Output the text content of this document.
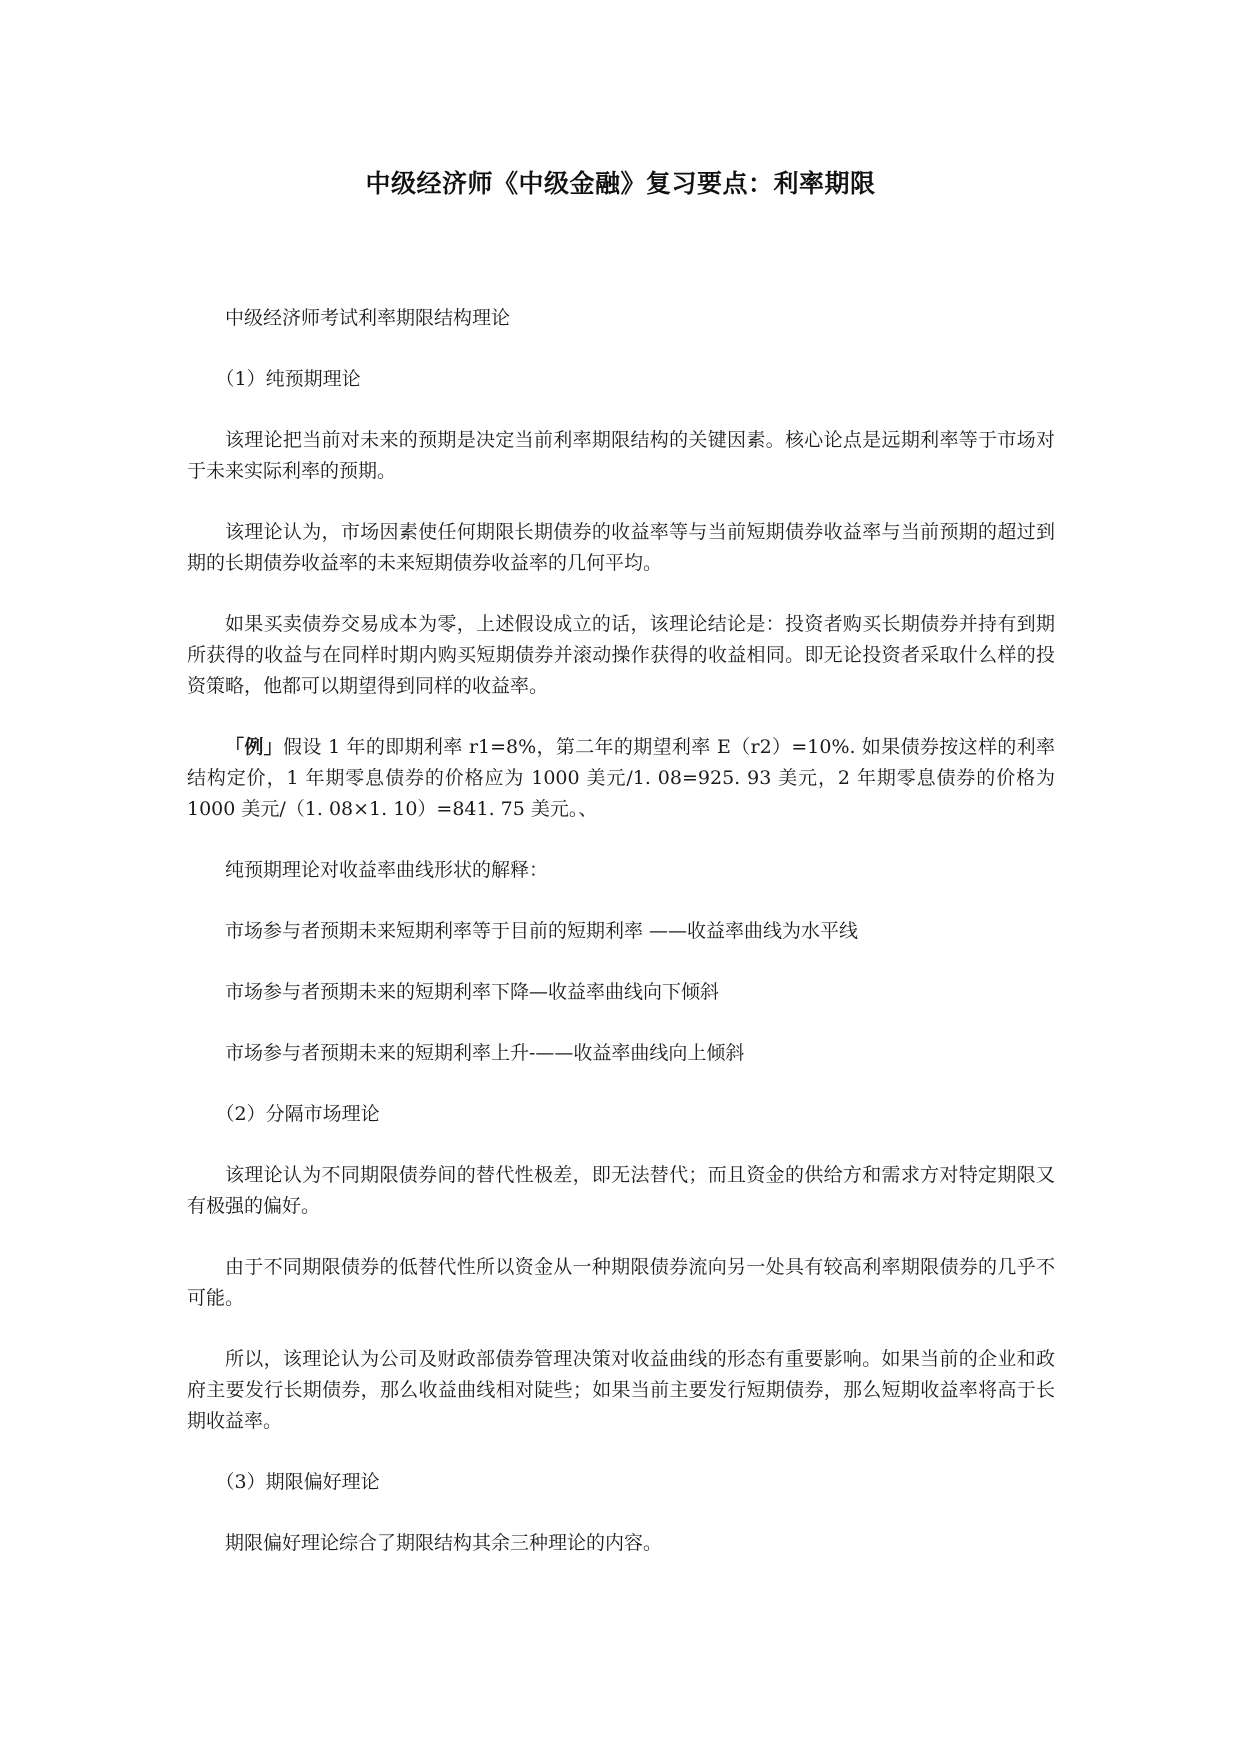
中级经济师《中级金融》复习要点：利率期限

中级经济师考试利率期限结构理论

（1）纯预期理论

该理论把当前对未来的预期是决定当前利率期限结构的关键因素。核心论点是远期利率等于市场对于未来实际利率的预期。

该理论认为，市场因素使任何期限长期债券的收益率等与当前短期债券收益率与当前预期的超过到期的长期债券收益率的未来短期债券收益率的几何平均。

如果买卖债券交易成本为零，上述假设成立的话，该理论结论是：投资者购买长期债券并持有到期所获得的收益与在同样时期内购买短期债券并滚动操作获得的收益相同。即无论投资者采取什么样的投资策略，他都可以期望得到同样的收益率。

「例」假设 1 年的即期利率 r1=8%，第二年的期望利率 E（r2）=10%. 如果债券按这样的利率结构定价，1 年期零息债券的价格应为 1000 美元/1. 08=925. 93 美元，2 年期零息债券的价格为 1000 美元/（1. 08×1. 10）=841. 75 美元。、

纯预期理论对收益率曲线形状的解释：

市场参与者预期未来短期利率等于目前的短期利率 ——收益率曲线为水平线

市场参与者预期未来的短期利率下降—收益率曲线向下倾斜

市场参与者预期未来的短期利率上升-——收益率曲线向上倾斜

（2）分隔市场理论

该理论认为不同期限债券间的替代性极差，即无法替代；而且资金的供给方和需求方对特定期限又有极强的偏好。

由于不同期限债券的低替代性所以资金从一种期限债券流向另一处具有较高利率期限债券的几乎不可能。

所以，该理论认为公司及财政部债券管理决策对收益曲线的形态有重要影响。如果当前的企业和政府主要发行长期债券，那么收益曲线相对陡些；如果当前主要发行短期债券，那么短期收益率将高于长期收益率。

（3）期限偏好理论

期限偏好理论综合了期限结构其余三种理论的内容。
